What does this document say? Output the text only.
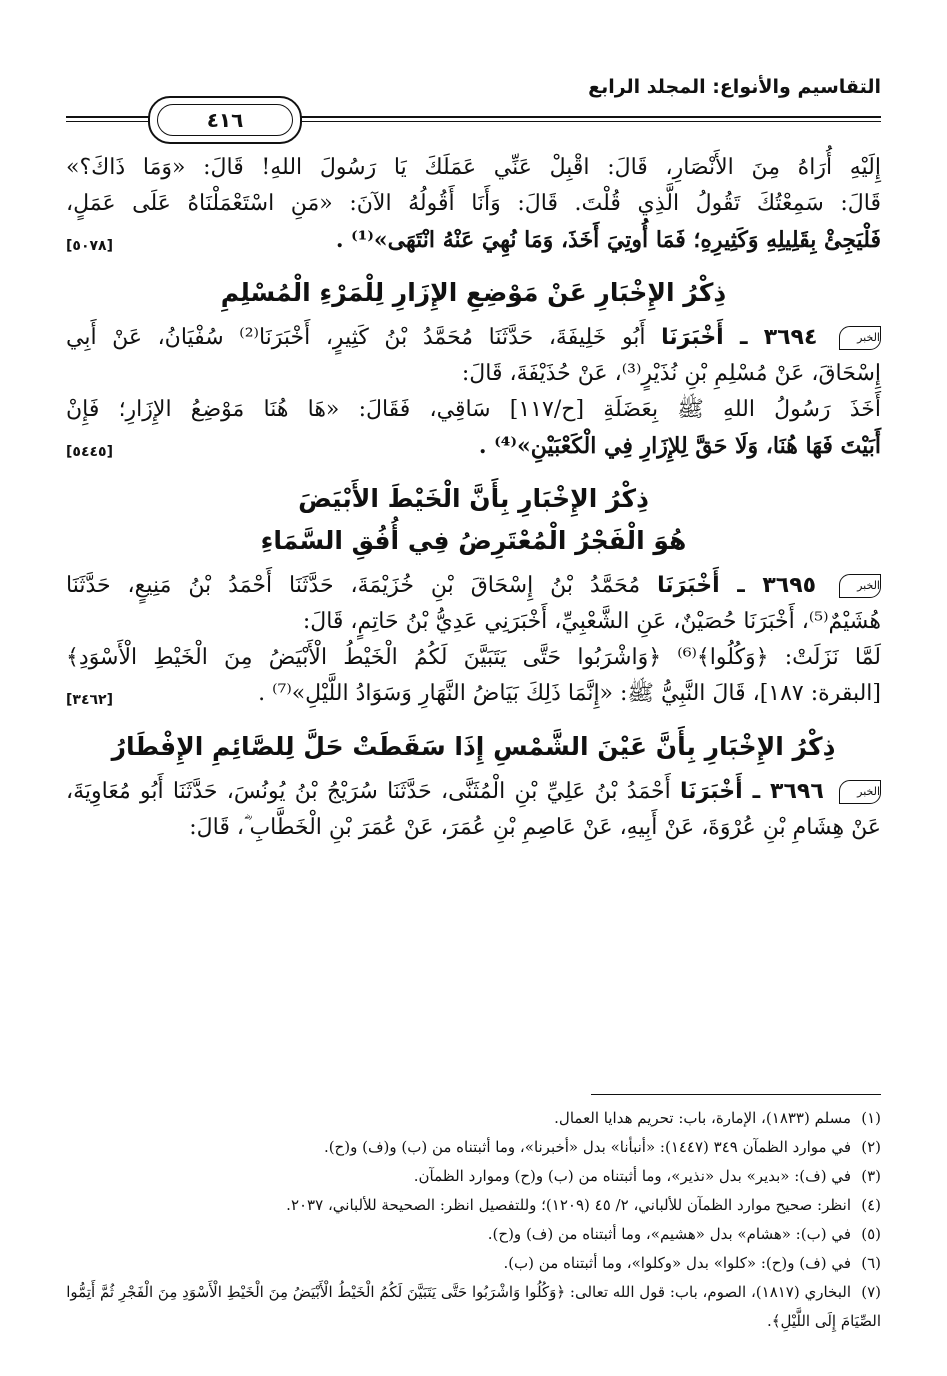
التقاسيم والأنواع: المجلد الرابع
٤١٦

إِلَيْهِ أُرَاهُ مِنَ الأَنْصَارِ، قَالَ: اقْبِلْ عَنِّي عَمَلَكَ يَا رَسُولَ اللهِ! قَالَ: «وَمَا ذَاكَ؟»

قَالَ: سَمِعْتُكَ تَقُولُ الَّذِي قُلْتَ. قَالَ: وَأَنَا أَقُولُهُ الآنَ: «مَنِ اسْتَعْمَلْنَاهُ عَلَى عَمَلٍ،

فَلْيَجِئْ بِقَلِيلِهِ وَكَثِيرِهِ؛ فَمَا أُوتِيَ أَخَذَ، وَمَا نُهِيَ عَنْهُ انْتَهَى»⁽¹⁾ .
[٥٠٧٨]

ذِكْرُ الإِخْبَارِ عَنْ مَوْضِعِ الإِزَارِ لِلْمَرْءِ الْمُسْلِمِ

الخبر ٣٦٩٤ ـ أَخْبَرَنَا أَبُو خَلِيفَةَ، حَدَّثَنَا مُحَمَّدُ بْنُ كَثِيرٍ، أَخْبَرَنَا⁽²⁾ سُفْيَانُ، عَنْ أَبِي

إِسْحَاقَ، عَنْ مُسْلِمِ بْنِ نُذَيْرٍ⁽³⁾، عَنْ حُذَيْفَةَ، قَالَ:

أَخَذَ رَسُولُ اللهِ ﷺ بِعَضَلَةِ [ح/١١٧] سَاقِي، فَقَالَ: «هَا هُنَا مَوْضِعُ الإِزَارِ؛ فَإِنْ

أَبَيْتَ فَهَا هُنَا، وَلَا حَقَّ لِلإِزَارِ فِي الْكَعْبَيْنِ»⁽⁴⁾ .
[٥٤٤٥]

ذِكْرُ الإِخْبَارِ بِأَنَّ الْخَيْطَ الأَبْيَضَ
هُوَ الْفَجْرُ الْمُعْتَرِضُ فِي أُفُقِ السَّمَاءِ

الخبر ٣٦٩٥ ـ أَخْبَرَنَا مُحَمَّدُ بْنُ إِسْحَاقَ بْنِ خُزَيْمَةَ، حَدَّثَنَا أَحْمَدُ بْنُ مَنِيعٍ، حَدَّثَنَا

هُشَيْمٌ⁽⁵⁾، أَخْبَرَنَا حُصَيْنٌ، عَنِ الشَّعْبِيِّ، أَخْبَرَنِي عَدِيُّ بْنُ حَاتِمٍ، قَالَ:

لَمَّا نَزَلَتْ: ﴿وَكُلُوا﴾⁽⁶⁾ ﴿وَاشْرَبُوا حَتَّى يَتَبَيَّنَ لَكُمُ الْخَيْطُ الْأَبْيَضُ مِنَ الْخَيْطِ الْأَسْوَدِ﴾

[البقرة: ١٨٧]، قَالَ النَّبِيُّ ﷺ: «إِنَّمَا ذَلِكَ بَيَاضُ النَّهَارِ وَسَوَادُ اللَّيْلِ»⁽⁷⁾ .
[٣٤٦٢]

ذِكْرُ الإِخْبَارِ بِأَنَّ عَيْنَ الشَّمْسِ إِذَا سَقَطَتْ حَلَّ لِلصَّائِمِ الإِفْطَارُ

الخبر ٣٦٩٦ ـ أَخْبَرَنَا أَحْمَدُ بْنُ عَلِيِّ بْنِ الْمُثَنَّى، حَدَّثَنَا سُرَيْجُ بْنُ يُونُسَ، حَدَّثَنَا أَبُو مُعَاوِيَةَ،

عَنْ هِشَامِ بْنِ عُرْوَةَ، عَنْ أَبِيهِ، عَنْ عَاصِمِ بْنِ عُمَرَ، عَنْ عُمَرَ بْنِ الْخَطَّابِ ؓ، قَالَ:

(١)مسلم (١٨٣٣)، الإمارة، باب: تحريم هدايا العمال.

(٢)في موارد الظمآن ٣٤٩ (١٤٤٧): «أنبأنا» بدل «أخبرنا»، وما أثبتناه من (ب) و(ف) و(ح).

(٣)في (ف): «بدير» بدل «نذير»، وما أثبتناه من (ب) و(ح) وموارد الظمآن.

(٤)انظر: صحيح موارد الظمآن للألباني، ٢/ ٤٥ (١٢٠٩)؛ وللتفصيل انظر: الصحيحة للألباني، ٢٠٣٧.

(٥)في (ب): «هشام» بدل «هشيم»، وما أثبتناه من (ف) و(ح).

(٦)في (ف) و(ح): «كلوا» بدل «وكلوا»، وما أثبتناه من (ب).

(٧)البخاري (١٨١٧)، الصوم، باب: قول الله تعالى: ﴿وَكُلُوا وَاشْرَبُوا حَتَّى يَتَبَيَّنَ لَكُمُ الْخَيْطُ الْأَبْيَضُ مِنَ الْخَيْطِ الْأَسْوَدِ مِنَ الْفَجْرِ ثُمَّ أَتِمُّوا الصِّيَامَ إِلَى اللَّيْلِ﴾.
